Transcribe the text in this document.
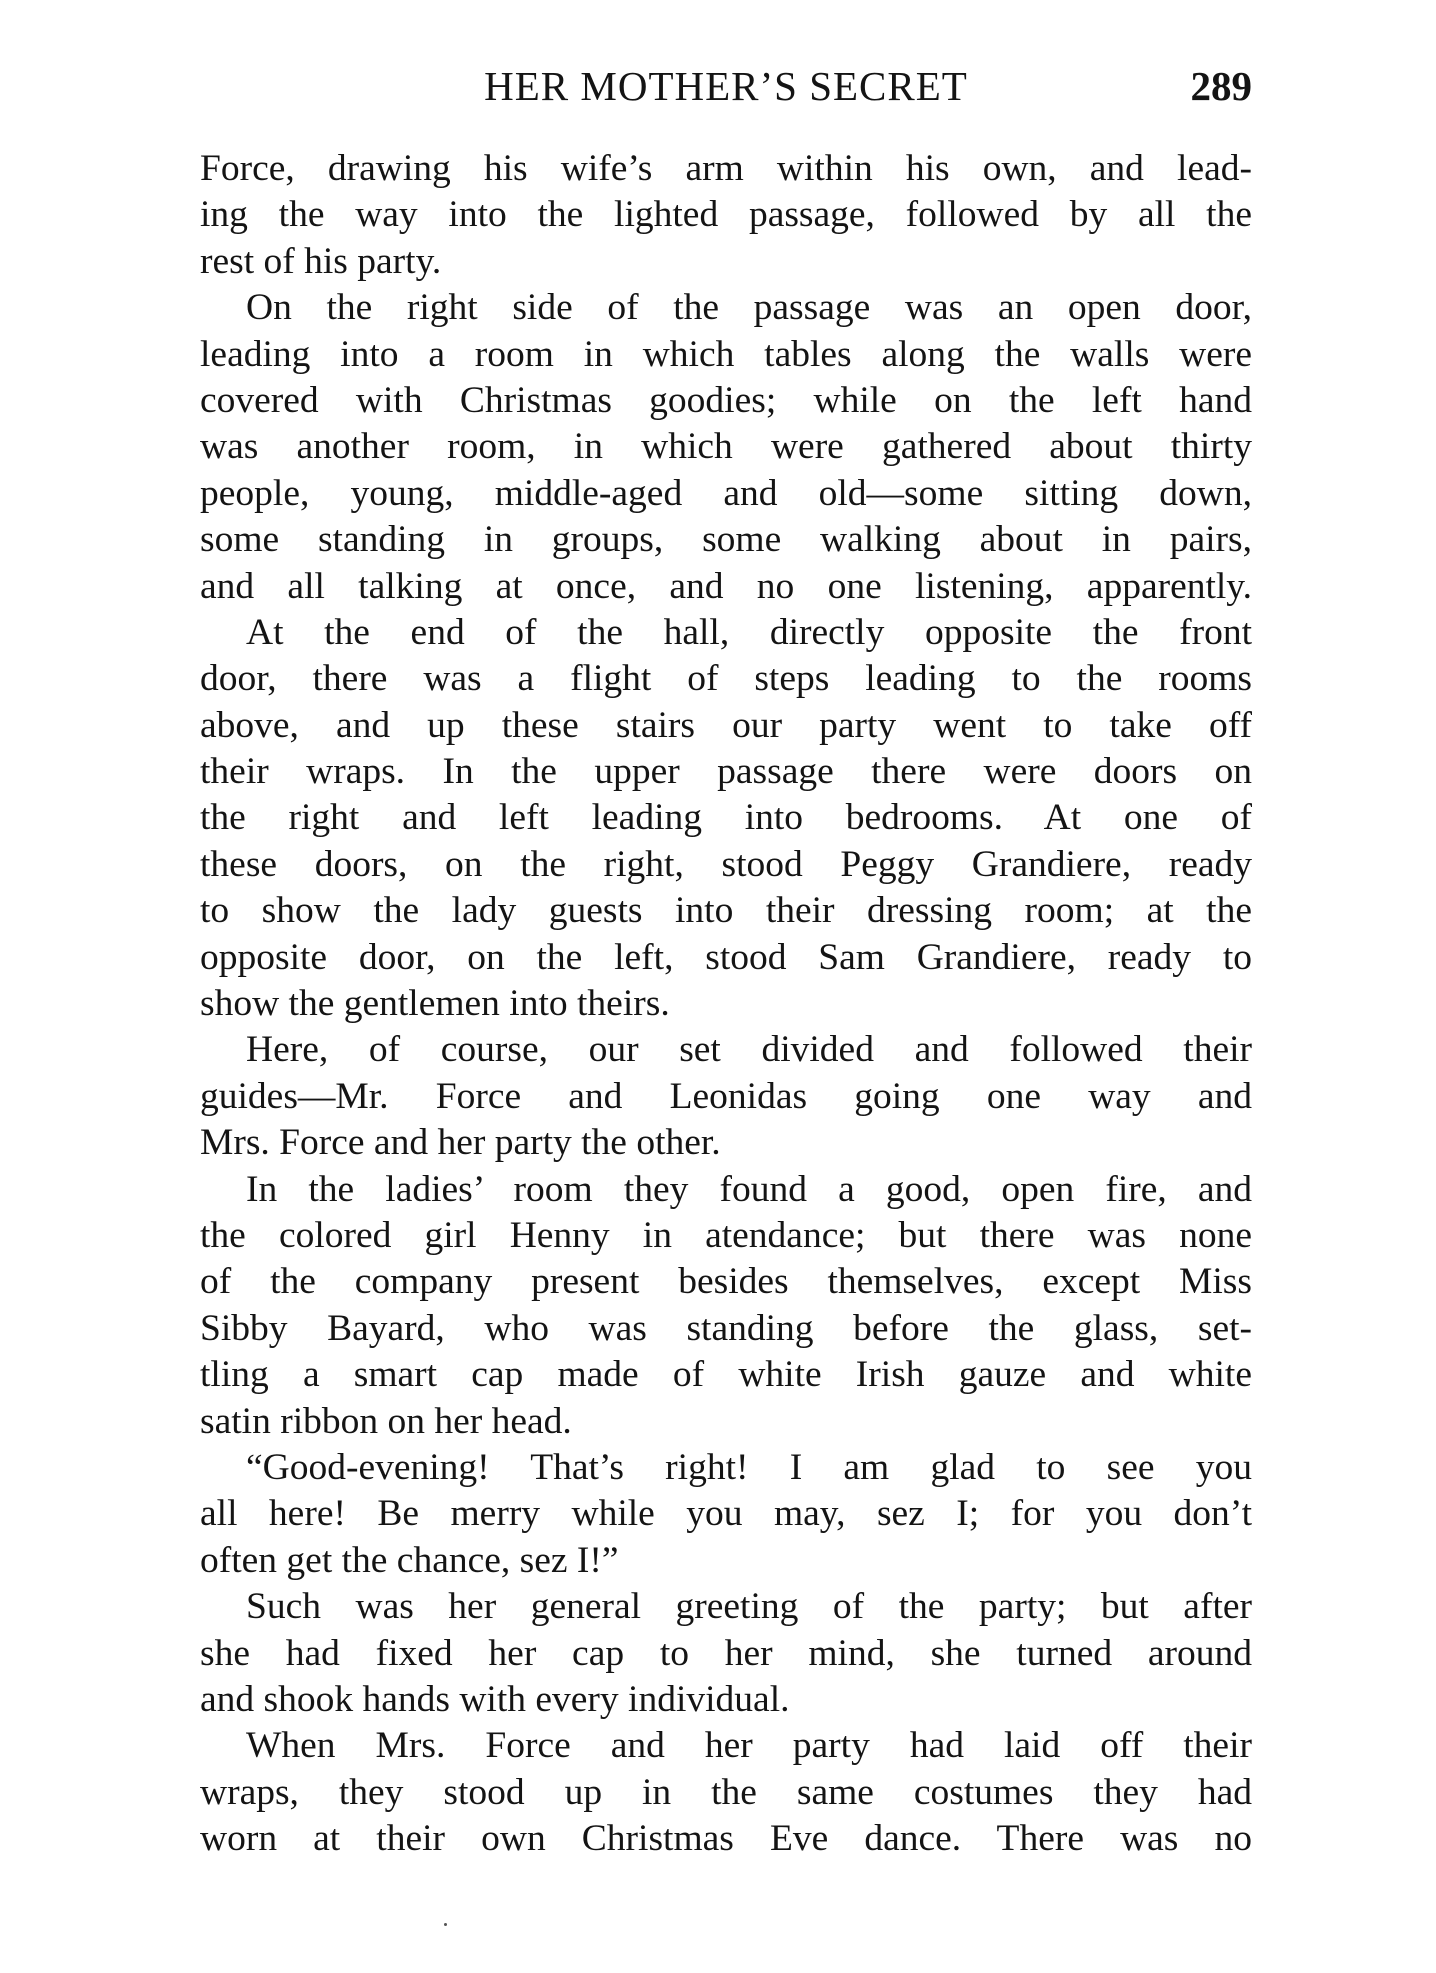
HER MOTHER’S SECRET	289
Force, drawing his wife’s arm within his own, and lead-
ing the way into the lighted passage, followed by all the
rest of his party.
On the right side of the passage was an open door,
leading into a room in which tables along the walls were
covered with Christmas goodies; while on the left hand
was another room, in which were gathered about thirty
people, young, middle-aged and old—some sitting down,
some standing in groups, some walking about in pairs,
and all talking at once, and no one listening, apparently.
At the end of the hall, directly opposite the front
door, there was a flight of steps leading to the rooms
above, and up these stairs our party went to take off
their wraps. In the upper passage there were doors on
the right and left leading into bedrooms. At one of
these doors, on the right, stood Peggy Grandiere, ready
to show the lady guests into their dressing room; at the
opposite door, on the left, stood Sam Grandiere, ready to
show the gentlemen into theirs.
Here, of course, our set divided and followed their
guides—Mr. Force and Leonidas going one way and
Mrs. Force and her party the other.
In the ladies’ room they found a good, open fire, and
the colored girl Henny in atendance; but there was none
of the company present besides themselves, except Miss
Sibby Bayard, who was standing before the glass, set-
tling a smart cap made of white Irish gauze and white
satin ribbon on her head.
“Good-evening! That’s right! I am glad to see you
all here! Be merry while you may, sez I; for you don’t
often get the chance, sez I!”
Such was her general greeting of the party; but after
she had fixed her cap to her mind, she turned around
and shook hands with every individual.
When Mrs. Force and her party had laid off their
wraps, they stood up in the same costumes they had
worn at their own Christmas Eve dance. There was no
